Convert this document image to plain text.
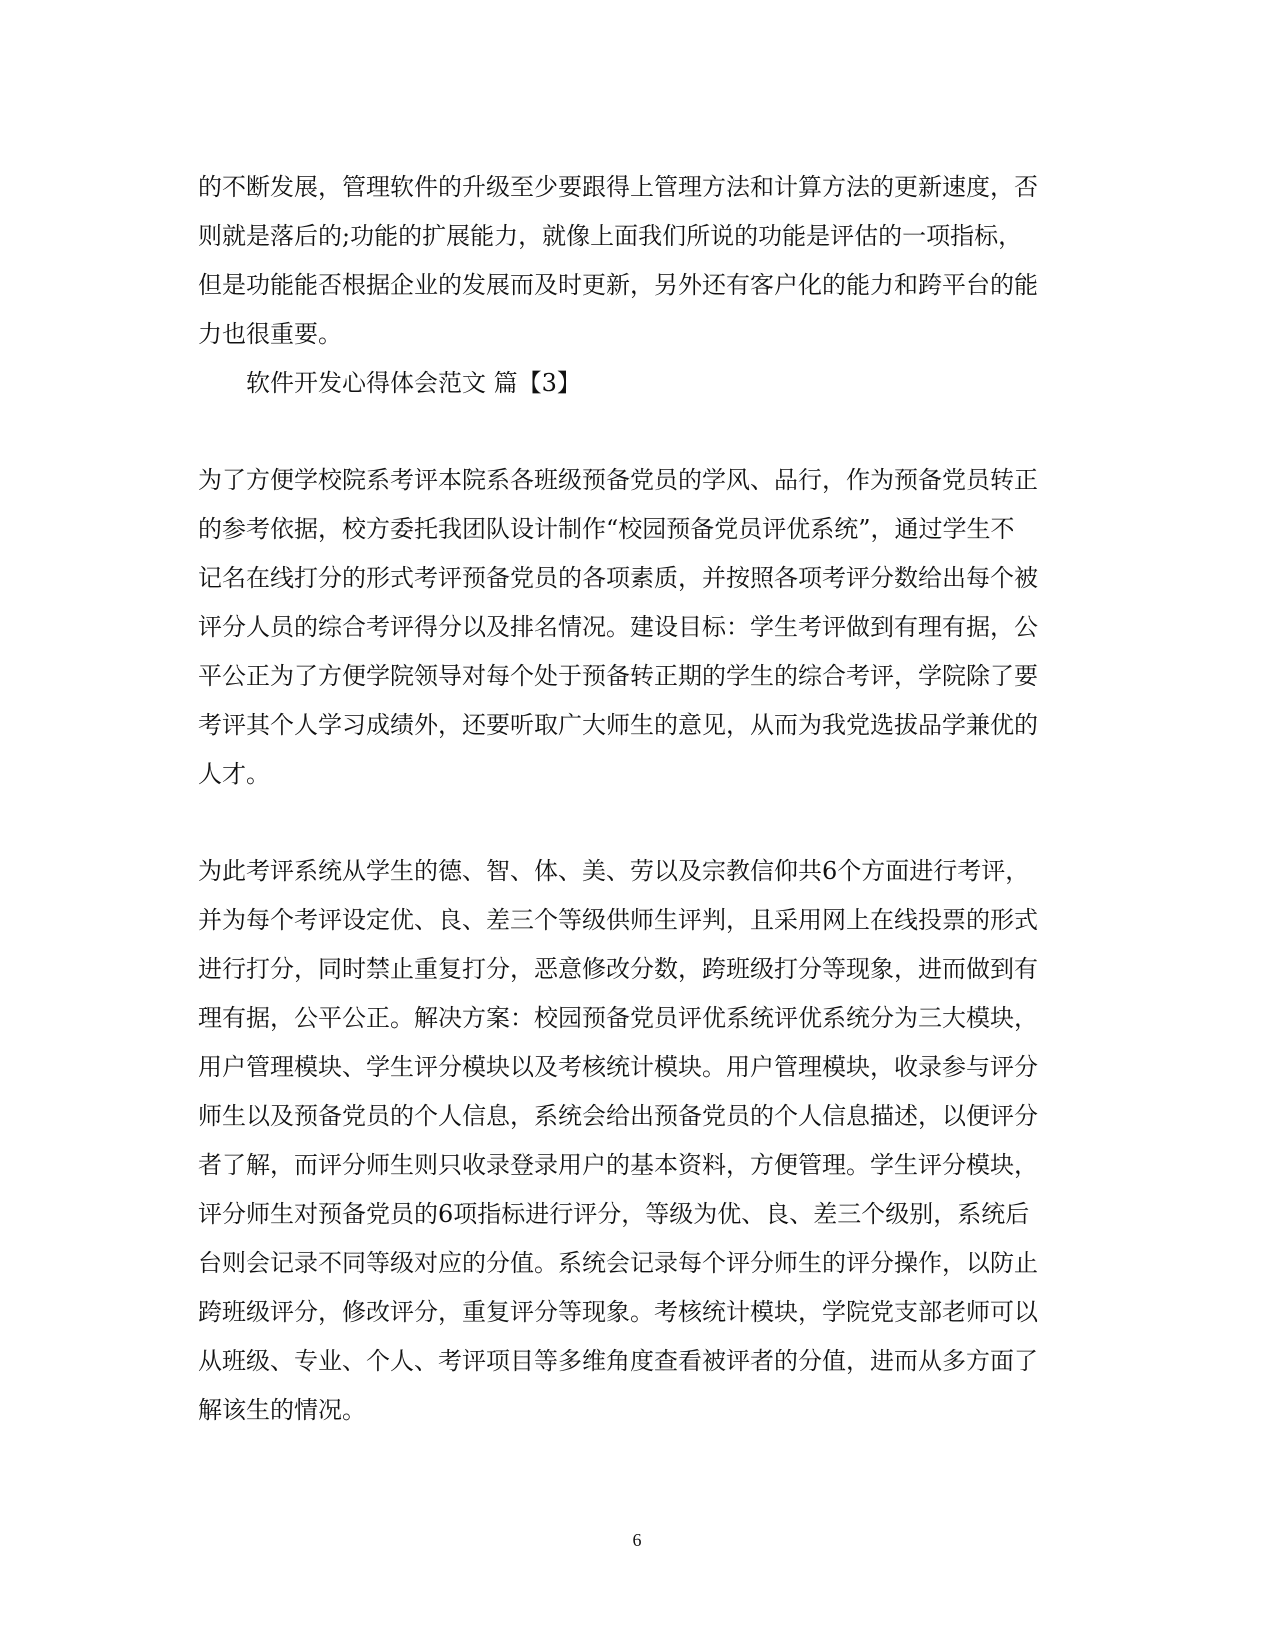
的不断发展，管理软件的升级至少要跟得上管理方法和计算方法的更新速度，否
则就是落后的;功能的扩展能力，就像上面我们所说的功能是评估的一项指标，
但是功能能否根据企业的发展而及时更新，另外还有客户化的能力和跨平台的能
力也很重要。

软件开发心得体会范文 篇【3】

为了方便学校院系考评本院系各班级预备党员的学风、品行，作为预备党员转正
的参考依据，校方委托我团队设计制作“校园预备党员评优系统”，通过学生不
记名在线打分的形式考评预备党员的各项素质，并按照各项考评分数给出每个被
评分人员的综合考评得分以及排名情况。建设目标：学生考评做到有理有据，公
平公正为了方便学院领导对每个处于预备转正期的学生的综合考评，学院除了要
考评其个人学习成绩外，还要听取广大师生的意见，从而为我党选拔品学兼优的
人才。

为此考评系统从学生的德、智、体、美、劳以及宗教信仰共6个方面进行考评，
并为每个考评设定优、良、差三个等级供师生评判，且采用网上在线投票的形式
进行打分，同时禁止重复打分，恶意修改分数，跨班级打分等现象，进而做到有
理有据，公平公正。解决方案：校园预备党员评优系统评优系统分为三大模块，
用户管理模块、学生评分模块以及考核统计模块。用户管理模块，收录参与评分
师生以及预备党员的个人信息，系统会给出预备党员的个人信息描述，以便评分
者了解，而评分师生则只收录登录用户的基本资料，方便管理。学生评分模块，
评分师生对预备党员的6项指标进行评分，等级为优、良、差三个级别，系统后
台则会记录不同等级对应的分值。系统会记录每个评分师生的评分操作，以防止
跨班级评分，修改评分，重复评分等现象。考核统计模块，学院党支部老师可以
从班级、专业、个人、考评项目等多维角度查看被评者的分值，进而从多方面了
解该生的情况。

6
